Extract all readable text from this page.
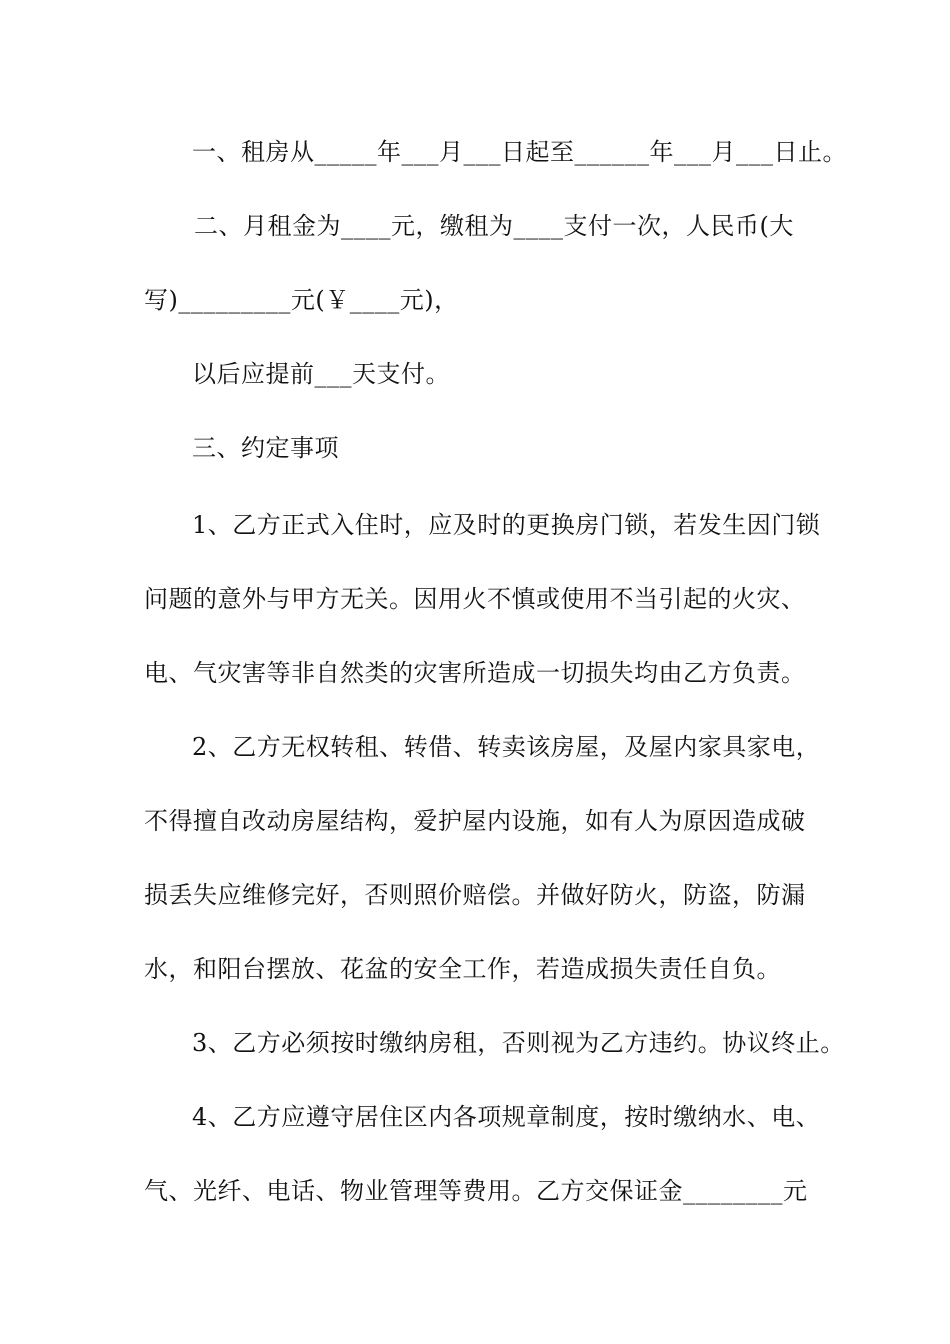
一、租房从_____年___月___日起至______年___月___日止。
二、月租金为____元，缴租为____支付一次，人民币(大
写)_________元(￥____元)，
以后应提前___天支付。
三、约定事项
1、乙方正式入住时，应及时的更换房门锁，若发生因门锁
问题的意外与甲方无关。因用火不慎或使用不当引起的火灾、
电、气灾害等非自然类的灾害所造成一切损失均由乙方负责。
2、乙方无权转租、转借、转卖该房屋，及屋内家具家电，
不得擅自改动房屋结构，爱护屋内设施，如有人为原因造成破
损丢失应维修完好，否则照价赔偿。并做好防火，防盗，防漏
水，和阳台摆放、花盆的安全工作，若造成损失责任自负。
3、乙方必须按时缴纳房租，否则视为乙方违约。协议终止。
4、乙方应遵守居住区内各项规章制度，按时缴纳水、电、
气、光纤、电话、物业管理等费用。乙方交保证金________元
